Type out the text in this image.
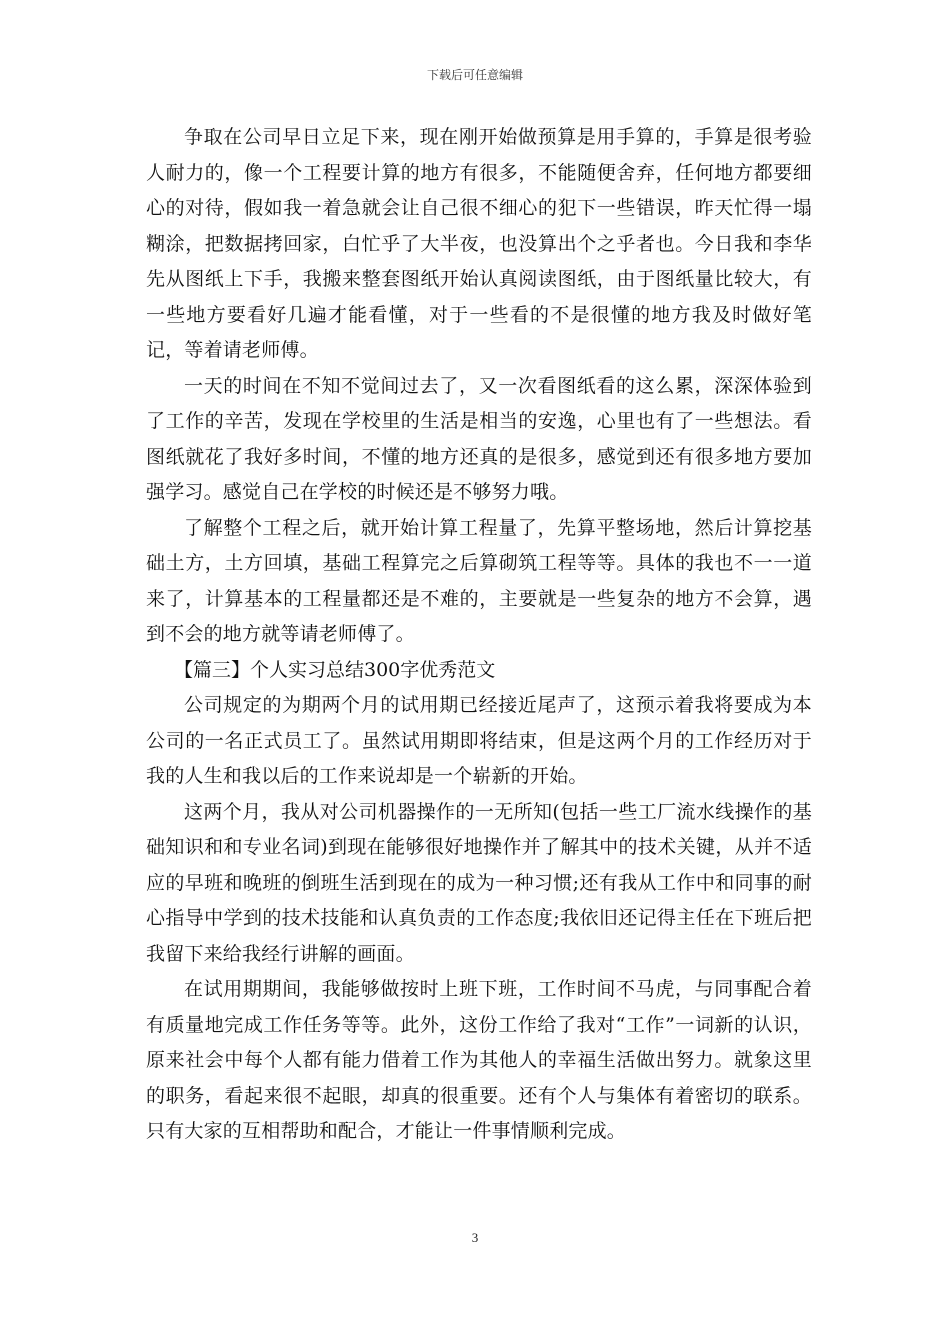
下载后可任意编辑

争取在公司早日立足下来，现在刚开始做预算是用手算的，手算是很考验人耐力的，像一个工程要计算的地方有很多，不能随便舍弃，任何地方都要细心的对待，假如我一着急就会让自己很不细心的犯下一些错误，昨天忙得一塌糊涂，把数据拷回家，白忙乎了大半夜，也没算出个之乎者也。今日我和李华先从图纸上下手，我搬来整套图纸开始认真阅读图纸，由于图纸量比较大，有一些地方要看好几遍才能看懂，对于一些看的不是很懂的地方我及时做好笔记，等着请老师傅。

一天的时间在不知不觉间过去了，又一次看图纸看的这么累，深深体验到了工作的辛苦，发现在学校里的生活是相当的安逸，心里也有了一些想法。看图纸就花了我好多时间，不懂的地方还真的是很多，感觉到还有很多地方要加强学习。感觉自己在学校的时候还是不够努力哦。

了解整个工程之后，就开始计算工程量了，先算平整场地，然后计算挖基础土方，土方回填，基础工程算完之后算砌筑工程等等。具体的我也不一一道来了，计算基本的工程量都还是不难的，主要就是一些复杂的地方不会算，遇到不会的地方就等请老师傅了。

【篇三】个人实习总结300字优秀范文

公司规定的为期两个月的试用期已经接近尾声了，这预示着我将要成为本公司的一名正式员工了。虽然试用期即将结束，但是这两个月的工作经历对于我的人生和我以后的工作来说却是一个崭新的开始。

这两个月，我从对公司机器操作的一无所知(包括一些工厂流水线操作的基础知识和和专业名词)到现在能够很好地操作并了解其中的技术关键，从并不适应的早班和晚班的倒班生活到现在的成为一种习惯;还有我从工作中和同事的耐心指导中学到的技术技能和认真负责的工作态度;我依旧还记得主任在下班后把我留下来给我经行讲解的画面。

在试用期期间，我能够做按时上班下班，工作时间不马虎，与同事配合着有质量地完成工作任务等等。此外，这份工作给了我对“工作”一词新的认识，原来社会中每个人都有能力借着工作为其他人的幸福生活做出努力。就象这里的职务，看起来很不起眼，却真的很重要。还有个人与集体有着密切的联系。只有大家的互相帮助和配合，才能让一件事情顺利完成。

3
